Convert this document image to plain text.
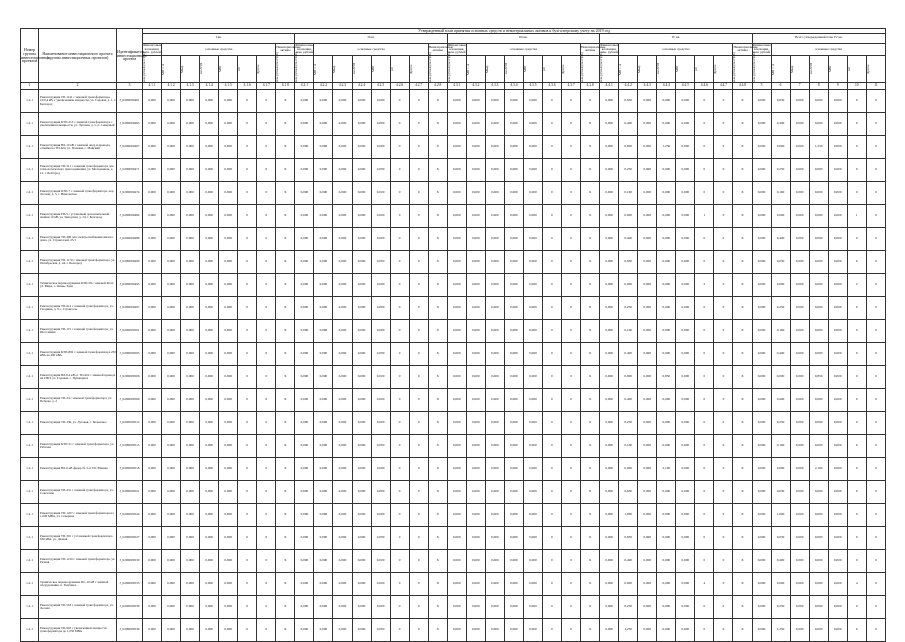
Номер группы инвестиционных проектов	Наименование инвестиционного проекта (группы инвестиционных проектов)	Идентификатор инвестиционного проекта	Утвержденный план принятия основных средств и нематериальных активов к бухгалтерскому учету на 2019 год																																						
			I кв.								II кв.								III кв.								IV кв.								Всего утвержденный план IV кв.						
			Финансовые вложения, млн. рублей	основные средства						Нематериальные активы	Финансовые вложения, млн. рублей	основные средства						Нематериальные активы	Финансовые вложения, млн. рублей	основные средства						Нематериальные активы	Финансовые вложения, млн. рублей	основные средства						Нематериальные активы	Финансовые вложения, млн. рублей	основные средства					

			млн рублей (без НДС)	МВ×А	Мвар	км ЛЭП	МВт	шт	Другое	млн рублей (без НДС)	млн рублей (без НДС)	МВ×А	Мвар	км ЛЭП	МВт	шт	Другое	млн рублей (без НДС)	млн рублей (без НДС)	МВ×А	Мвар	км ЛЭП	МВт	шт	Другое	млн рублей (без НДС)	млн рублей (без НДС)	МВ×А	Мвар	км ЛЭП	МВт	шт	Другое	млн рублей (без НДС)	млн рублей (без НДС)	МВ×А	Мвар	км ЛЭП	МВт	шт	Другое

1	2	3	4.1.1	4.1.2	4.1.3	4.1.4	4.1.5	4.1.6	4.1.7	4.1.8	4.2.1	4.2.2	4.2.3	4.2.4	4.2.5	4.2.6	4.2.7	4.2.8	4.3.1	4.3.2	4.3.3	4.3.4	4.3.5	4.3.6	4.3.7	4.3.8	4.4.1	4.4.2	4.4.3	4.4.4	4.4.5	4.4.6	4.4.7	4.4.8	5	6	7	8	9	10	11
1.2.1	Реконструкция ТП-1141 с заменой трансформатора, 10/0,4 кВ, с увеличением мощности, ул. Садовая, д. 1, г. Белгород	J_0200000461	0,000	0,000	0,000	0,000	0,000	0	0	X	0,000	0,000	0,000	0,000	0,000	0	0	X	0,000	0,000	0,000	0,000	0,000	0	0	X	0,000	0,630	0,000	0,000	0,000	0	0	X	0,000	0,630	0,000	0,000	0,000	0	0
1.2.1	Реконструкция КТП-213 с заменой трансформатора с увеличением мощности, ул. Луговая, д. 5, п. Северный	J_0200000463	0,000	0,000	0,000	0,000	0,000	0	0	X	0,000	0,000	0,000	0,000	0,000	0	0	X	0,000	0,000	0,000	0,000	0,000	0	0	X	0,000	0,400	0,000	0,000	0,000	0	0	X	0,000	0,400	0,000	0,000	0,000	0	0
1.2.1	Реконструкция ВЛ-10 кВ с заменой опор и провода, отпайка на ТП-624, ул. Полевая, с. Майский	J_0200000467	0,000	0,000	0,000	0,000	0,000	0	0	X	0,000	0,000	0,000	0,000	0,000	0	0	X	0,000	0,000	0,000	0,000	0,000	0	0	X	0,000	0,000	0,000	1,250	0,000	0	0	X	0,000	0,000	0,000	1,250	0,000	0	0
1.2.1	Реконструкция ТП-311 с заменой трансформатора для технологического присоединения, ул. Молодежная, д. 12, г. Белгород	J_0200000471	0,000	0,000	0,000	0,000	0,000	0	0	X	0,000	0,000	0,000	0,000	0,000	0	0	X	0,000	0,000	0,000	0,000	0,000	0	0	X	0,000	0,250	0,000	0,000	0,000	0	0	X	0,000	0,250	0,000	0,000	0,000	0	0
1.2.1	Реконструкция КТП-7 с заменой трансформатора, пер. Лесной, д. 3, с. Никольское	J_0200000474	0,000	0,000	0,000	0,000	0,000	0	0	X	0,000	0,000	0,000	0,000	0,000	0	0	X	0,000	0,000	0,000	0,000	0,000	0	0	X	0,000	0,160	0,000	0,000	0,000	0	0	X	0,000	0,160	0,000	0,000	0,000	0	0
1.2.1	Реконструкция РП-5 с установкой дополнительной ячейки 10 кВ, ул. Заводская, д. 24, г. Белгород	J_0200000482	0,000	0,000	0,000	0,000	0,000	0	0	X	0,000	0,000	0,000	0,000	0,000	0	0	X	0,000	0,000	0,000	0,000	0,000	0	0	X	0,000	0,000	0,000	0,000	0,000	1	0	X	0,000	0,000	0,000	0,000	0,000	1	0
1.2.1	Реконструкция ТП-409 для электроснабжения жилого дома, ул. Строителей, 25/1	J_0200000486	0,000	0,000	0,000	0,000	0,000	0	0	X	0,000	0,000	0,000	0,000	0,000	0	0	X	0,000	0,000	0,000	0,000	0,000	0	0	X	0,000	0,400	0,000	0,000	0,000	0	0	X	0,000	0,400	0,000	0,000	0,000	0	0
1.2.1	Реконструкция ТП-1170 с заменой трансформатора, ул. Октябрьская, д. 44, г. Белгород	J_0200000490	0,000	0,000	0,000	0,000	0,000	0	0	X	0,000	0,000	0,000	0,000	0,000	0	0	X	0,000	0,000	0,000	0,000	0,000	0	0	X	0,000	0,630	0,000	0,000	0,000	0	0	X	0,000	0,630	0,000	0,000	0,000	0	0
1.2.1	Техническое перевооружение КТП-58 с заменой КСО, ул. Мира, с. Ясные Зори	J_0200000493	0,000	0,000	0,000	0,000	0,000	0	0	X	0,000	0,000	0,000	0,000	0,000	0	0	X	0,000	0,000	0,000	0,000	0,000	0	0	X	0,000	0,000	0,000	0,000	0,000	2	0	X	0,000	0,000	0,000	0,000	0,000	2	0
1.2.1	Реконструкция ТП-614 с заменой трансформатора, ул. Гагарина, д. 9, г. Строитель	J_0200000497	0,000	0,000	0,000	0,000	0,000	0	0	X	0,000	0,000	0,000	0,000	0,000	0	0	X	0,000	0,000	0,000	0,000	0,000	0	0	X	0,000	0,250	0,000	0,000	0,000	0	0	X	0,000	0,250	0,000	0,000	0,000	0	0
1.2.1	Реконструкция ТП-115 с заменой трансформатора, ул. Шоссейная	J_0200000501	0,000	0,000	0,000	0,000	0,000	0	0	X	0,000	0,000	0,000	0,000	0,000	0	0	X	0,000	0,000	0,000	0,000	0,000	0	0	X	0,000	0,160	0,000	0,000	0,000	0	0	X	0,000	0,160	0,000	0,000	0,000	0	0
1.2.1	Реконструкция КТП-802 с заменой трансформатора 250 кВА на 400 кВА	J_0200000503	0,000	0,000	0,000	0,000	0,000	0	0	X	0,000	0,000	0,000	0,000	0,000	0	0	X	0,000	0,000	0,000	0,000	0,000	0	0	X	0,000	0,400	0,000	0,000	0,000	0	0	X	0,000	0,400	0,000	0,000	0,000	0	0
1.2.1	Реконструкция ВЛ-0,4 кВ от ТП-922 с заменой провода на СИП, ул. Садовая, с. Пушкарное	J_0200000506	0,000	0,000	0,000	0,000	0,000	0	0	X	0,000	0,000	0,000	0,000	0,000	0	0	X	0,000	0,000	0,000	0,000	0,000	0	0	X	0,000	0,000	0,000	0,850	0,000	0	0	X	0,000	0,000	0,000	0,850	0,000	0	0
1.2.1	Реконструкция ТП-24 с заменой трансформатора, ул. Победы, д. 2	J_0200000509	0,000	0,000	0,000	0,000	0,000	0	0	X	0,000	0,000	0,000	0,000	0,000	0	0	X	0,000	0,000	0,000	0,000	0,000	0	0	X	0,000	0,400	0,000	0,000	0,000	0	0	X	0,000	0,400	0,000	0,000	0,000	0	0
1.2.1	Реконструкция ТП-336, ул. Луговая, с. Беловское	J_0200000512	0,000	0,000	0,000	0,000	0,000	0	0	X	0,000	0,000	0,000	0,000	0,000	0	0	X	0,000	0,000	0,000	0,000	0,000	0	0	X	0,000	0,250	0,000	0,000	0,000	0	0	X	0,000	0,250	0,000	0,000	0,000	0	0
1.2.1	Реконструкция КТП-51 с заменой трансформатора, ул. Рабочая	J_0200000515	0,000	0,000	0,000	0,000	0,000	0	0	X	0,000	0,000	0,000	0,000	0,000	0	0	X	0,000	0,000	0,000	0,000	0,000	0	0	X	0,000	0,160	0,000	0,000	0,000	0	0	X	0,000	0,160	0,000	0,000	0,000	0	0
1.2.1	Реконструкция ВЛ-6 кВ фидер № 3 от ПС Южная	J_0200000518	0,000	0,000	0,000	0,000	0,000	0	0	X	0,000	0,000	0,000	0,000	0,000	0	0	X	0,000	0,000	0,000	0,000	0,000	0	0	X	0,000	0,000	0,000	2,100	0,000	0	0	X	0,000	0,000	0,000	2,100	0,000	0	0
1.2.1	Реконструкция ТП-431 с заменой трансформатора, ул. Советская	J_0200000521	0,000	0,000	0,000	0,000	0,000	0	0	X	0,000	0,000	0,000	0,000	0,000	0	0	X	0,000	0,000	0,000	0,000	0,000	0	0	X	0,000	0,630	0,000	0,000	0,000	0	0	X	0,000	0,630	0,000	0,000	0,000	0	0
1.2.1	Реконструкция ТП-1227 с заменой трансформатора на 1,000 МВА, ул. Северная	J_0200000524	0,000	0,000	0,000	0,000	0,000	0	0	X	0,000	0,000	0,000	0,000	0,000	0	0	X	0,000	0,000	0,000	0,000	0,000	0	0	X	0,000	1,000	0,000	0,000	0,000	0	0	X	0,000	1,000	0,000	0,000	0,000	0	0
1.2.1	Реконструкция ТП-301 с установкой трансформатора 630 кВА, ул. Дачная	J_0200000527	0,000	0,000	0,000	0,000	0,000	0	0	X	0,000	0,000	0,000	0,000	0,000	0	0	X	0,000	0,000	0,000	0,000	0,000	0	0	X	0,000	0,630	0,000	0,000	0,000	0	0	X	0,000	0,630	0,000	0,000	0,000	0	0
1.2.1	Реконструкция ТП-1210 с заменой трансформатора, ул. Речная	J_0200000530	0,000	0,000	0,000	0,000	0,000	0	0	X	0,000	0,000	0,000	0,000	0,000	0	0	X	0,000	0,000	0,000	0,000	0,000	0	0	X	0,000	0,400	0,000	0,000	0,000	0	0	X	0,000	0,400	0,000	0,000	0,000	0	0
1.2.1	Техническое перевооружение ПС-10 кВ с заменой оборудования, п. Разумное	J_0200000533	0,000	0,000	0,000	0,000	0,000	0	0	X	0,000	0,000	0,000	0,000	0,000	0	0	X	0,000	0,000	0,000	0,000	0,000	0	0	X	0,000	0,000	0,000	0,000	0,000	4	0	X	0,000	0,000	0,000	0,000	0,000	4	0
1.2.1	Реконструкция ТП-518 с заменой трансформатора, ул. Лесная	J_0200000536	0,000	0,000	0,000	0,000	0,000	0	0	X	0,000	0,000	0,000	0,000	0,000	0	0	X	0,000	0,000	0,000	0,000	0,000	0	0	X	0,000	0,250	0,000	0,000	0,000	0	0	X	0,000	0,250	0,000	0,000	0,000	0	0
1.2.1	Реконструкция ТП-903 с увеличением мощности трансформатора до 1,250 МВА	J_0200000539	0,000	0,000	0,000	0,000	0,000	0	0	X	0,000	0,000	0,000	0,000	0,000	0	0	X	0,000	0,000	0,000	0,000	0,000	0	0	X	0,000	1,250	0,000	0,000	0,000	0	0	X	0,000	1,250	0,000	0,000	0,000	0	0
